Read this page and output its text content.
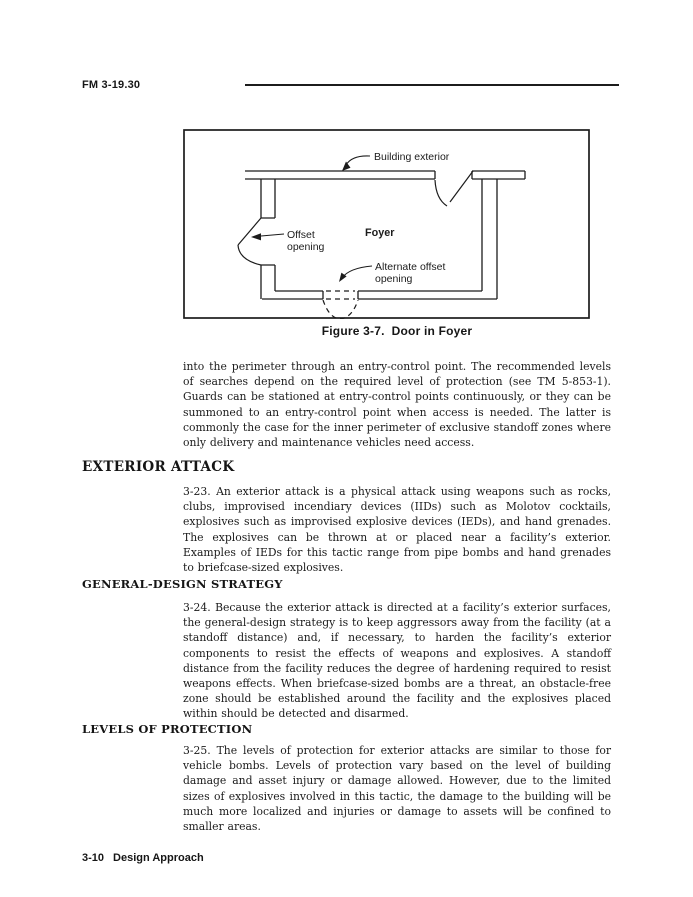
FM 3-19.30
Building exterior
Offset
opening
Foyer
Alternate offset
opening
Figure 3-7.  Door in Foyer
into the perimeter through an entry-control point. The recommended levels of searches depend on the required level of protection (see TM 5-853-1). Guards can be stationed at entry-control points continuously, or they can be summoned to an entry-control point when access is needed. The latter is commonly the case for the inner perimeter of exclusive standoff zones where only delivery and maintenance vehicles need access.
EXTERIOR ATTACK
3-23. An exterior attack is a physical attack using weapons such as rocks, clubs, improvised incendiary devices (IIDs) such as Molotov cocktails, explosives such as improvised explosive devices (IEDs), and hand grenades. The explosives can be thrown at or placed near a facility’s exterior. Examples of IEDs for this tactic range from pipe bombs and hand grenades to briefcase-sized explosives.
GENERAL-DESIGN STRATEGY
3-24. Because the exterior attack is directed at a facility’s exterior surfaces, the general-design strategy is to keep aggressors away from the facility (at a standoff distance) and, if necessary, to harden the facility’s exterior components to resist the effects of weapons and explosives. A standoff distance from the facility reduces the degree of hardening required to resist weapons effects. When briefcase-sized bombs are a threat, an obstacle-free zone should be established around the facility and the explosives placed within should be detected and disarmed.
LEVELS OF PROTECTION
3-25. The levels of protection for exterior attacks are similar to those for vehicle bombs. Levels of protection vary based on the level of building damage and asset injury or damage allowed. However, due to the limited sizes of explosives involved in this tactic, the damage to the building will be much more localized and injuries or damage to assets will be confined to smaller areas.
3-10 Design Approach
